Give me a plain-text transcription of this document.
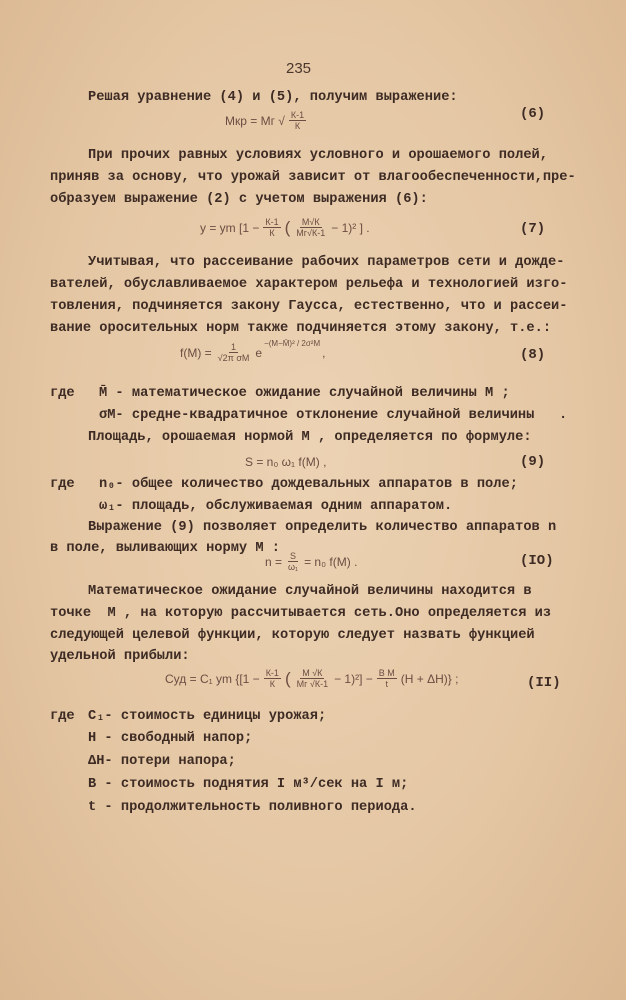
235
Решая уравнение (4) и (5), получим выражение:
Mкр = Mг √ К-1
К
(6)
При прочих равных условиях условного и орошаемого полей,
приняв за основу, что урожай зависит от влагообеспеченности,пре-
образуем выражение (2) с учетом выражения (6):
y = ym [1 − К-1
К ( M√К
Mг√К-1 − 1)² ] .	(7)
Учитывая, что рассеивание рабочих параметров сети и дожде-
вателей, обуславливаемое характером рельефа и технологией изго-
товления, подчиняется закону Гаусса, естественно, что и рассеи-
вание оросительных норм также подчиняется этому закону, т.е.:
$f(M) = \frac{1}{\text{√2π σM}}$ e
$^{-(M-M̄)^2 / 2\sigma^2M}$
,	(8)
где M̄ - математическое ожидание случайной величины M ;
σM- средне-квадратичное отклонение случайной величины   .
Площадь, орошаемая нормой M , определяется по формуле:
S = n₀ ω₁ f(M) ,	(9)
где n₀- общее количество дождевальных аппаратов в поле;
ω₁- площадь, обслуживаемая одним аппаратом.
Выражение (9) позволяет определить количество аппаратов n
в поле, выливающих норму M :
$n = \frac{S}{\text{ω₁}} = n_0$ f(M) .	(IO)
Математическое ожидание случайной величины находится в
точке  M , на которую рассчитывается сеть.Оно определяется из
следующей целевой функции, которую следует назвать функцией
удельной прибыли:
Cуд = C₁ ym {[1 − К-1
К ( M √К
Mг √К-1 − 1)²] − В M
t (H + ΔH)} ;	(II)
где C₁- стоимость единицы урожая;
H - свободный напор;
ΔH- потери напора;
В - стоимость поднятия I м³/сек на I м;
t - продолжительность поливного периода.
